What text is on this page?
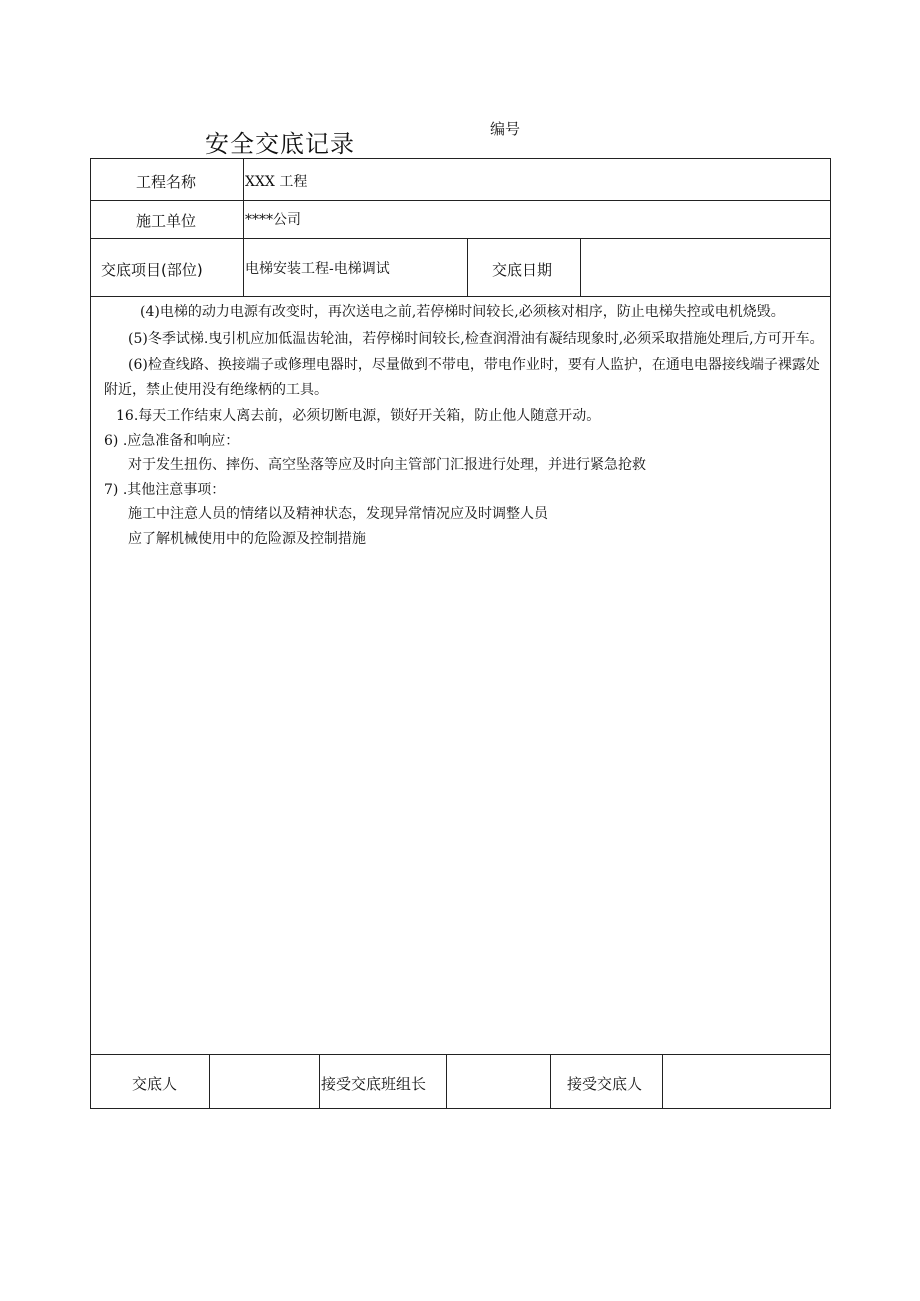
安全交底记录
编号
工程名称	XXX 工程
施工单位	****公司
交底项目(部位)	电梯安装工程-电梯调试	交底日期

(4)电梯的动力电源有改变时，再次送电之前,若停梯时间较长,必须核对相序，防止电梯失控或电机烧毁。

(5)冬季试梯.曳引机应加低温齿轮油，若停梯时间较长,检查润滑油有凝结现象时,必须采取措施处理后,方可开车。

(6)检查线路、换接端子或修理电器时，尽量做到不带电，带电作业时，要有人监护，在通电电器接线端子裸露处附近，禁止使用没有绝缘柄的工具。

16.每天工作结束人离去前，必须切断电源，锁好开关箱，防止他人随意开动。

6) .应急准备和响应：

对于发生扭伤、摔伤、高空坠落等应及时向主管部门汇报进行处理，并进行紧急抢救

7) .其他注意事项：

施工中注意人员的情绪以及精神状态，发现异常情况应及时调整人员

应了解机械使用中的危险源及控制措施

交底人	接受交底班组长	接受交底人
